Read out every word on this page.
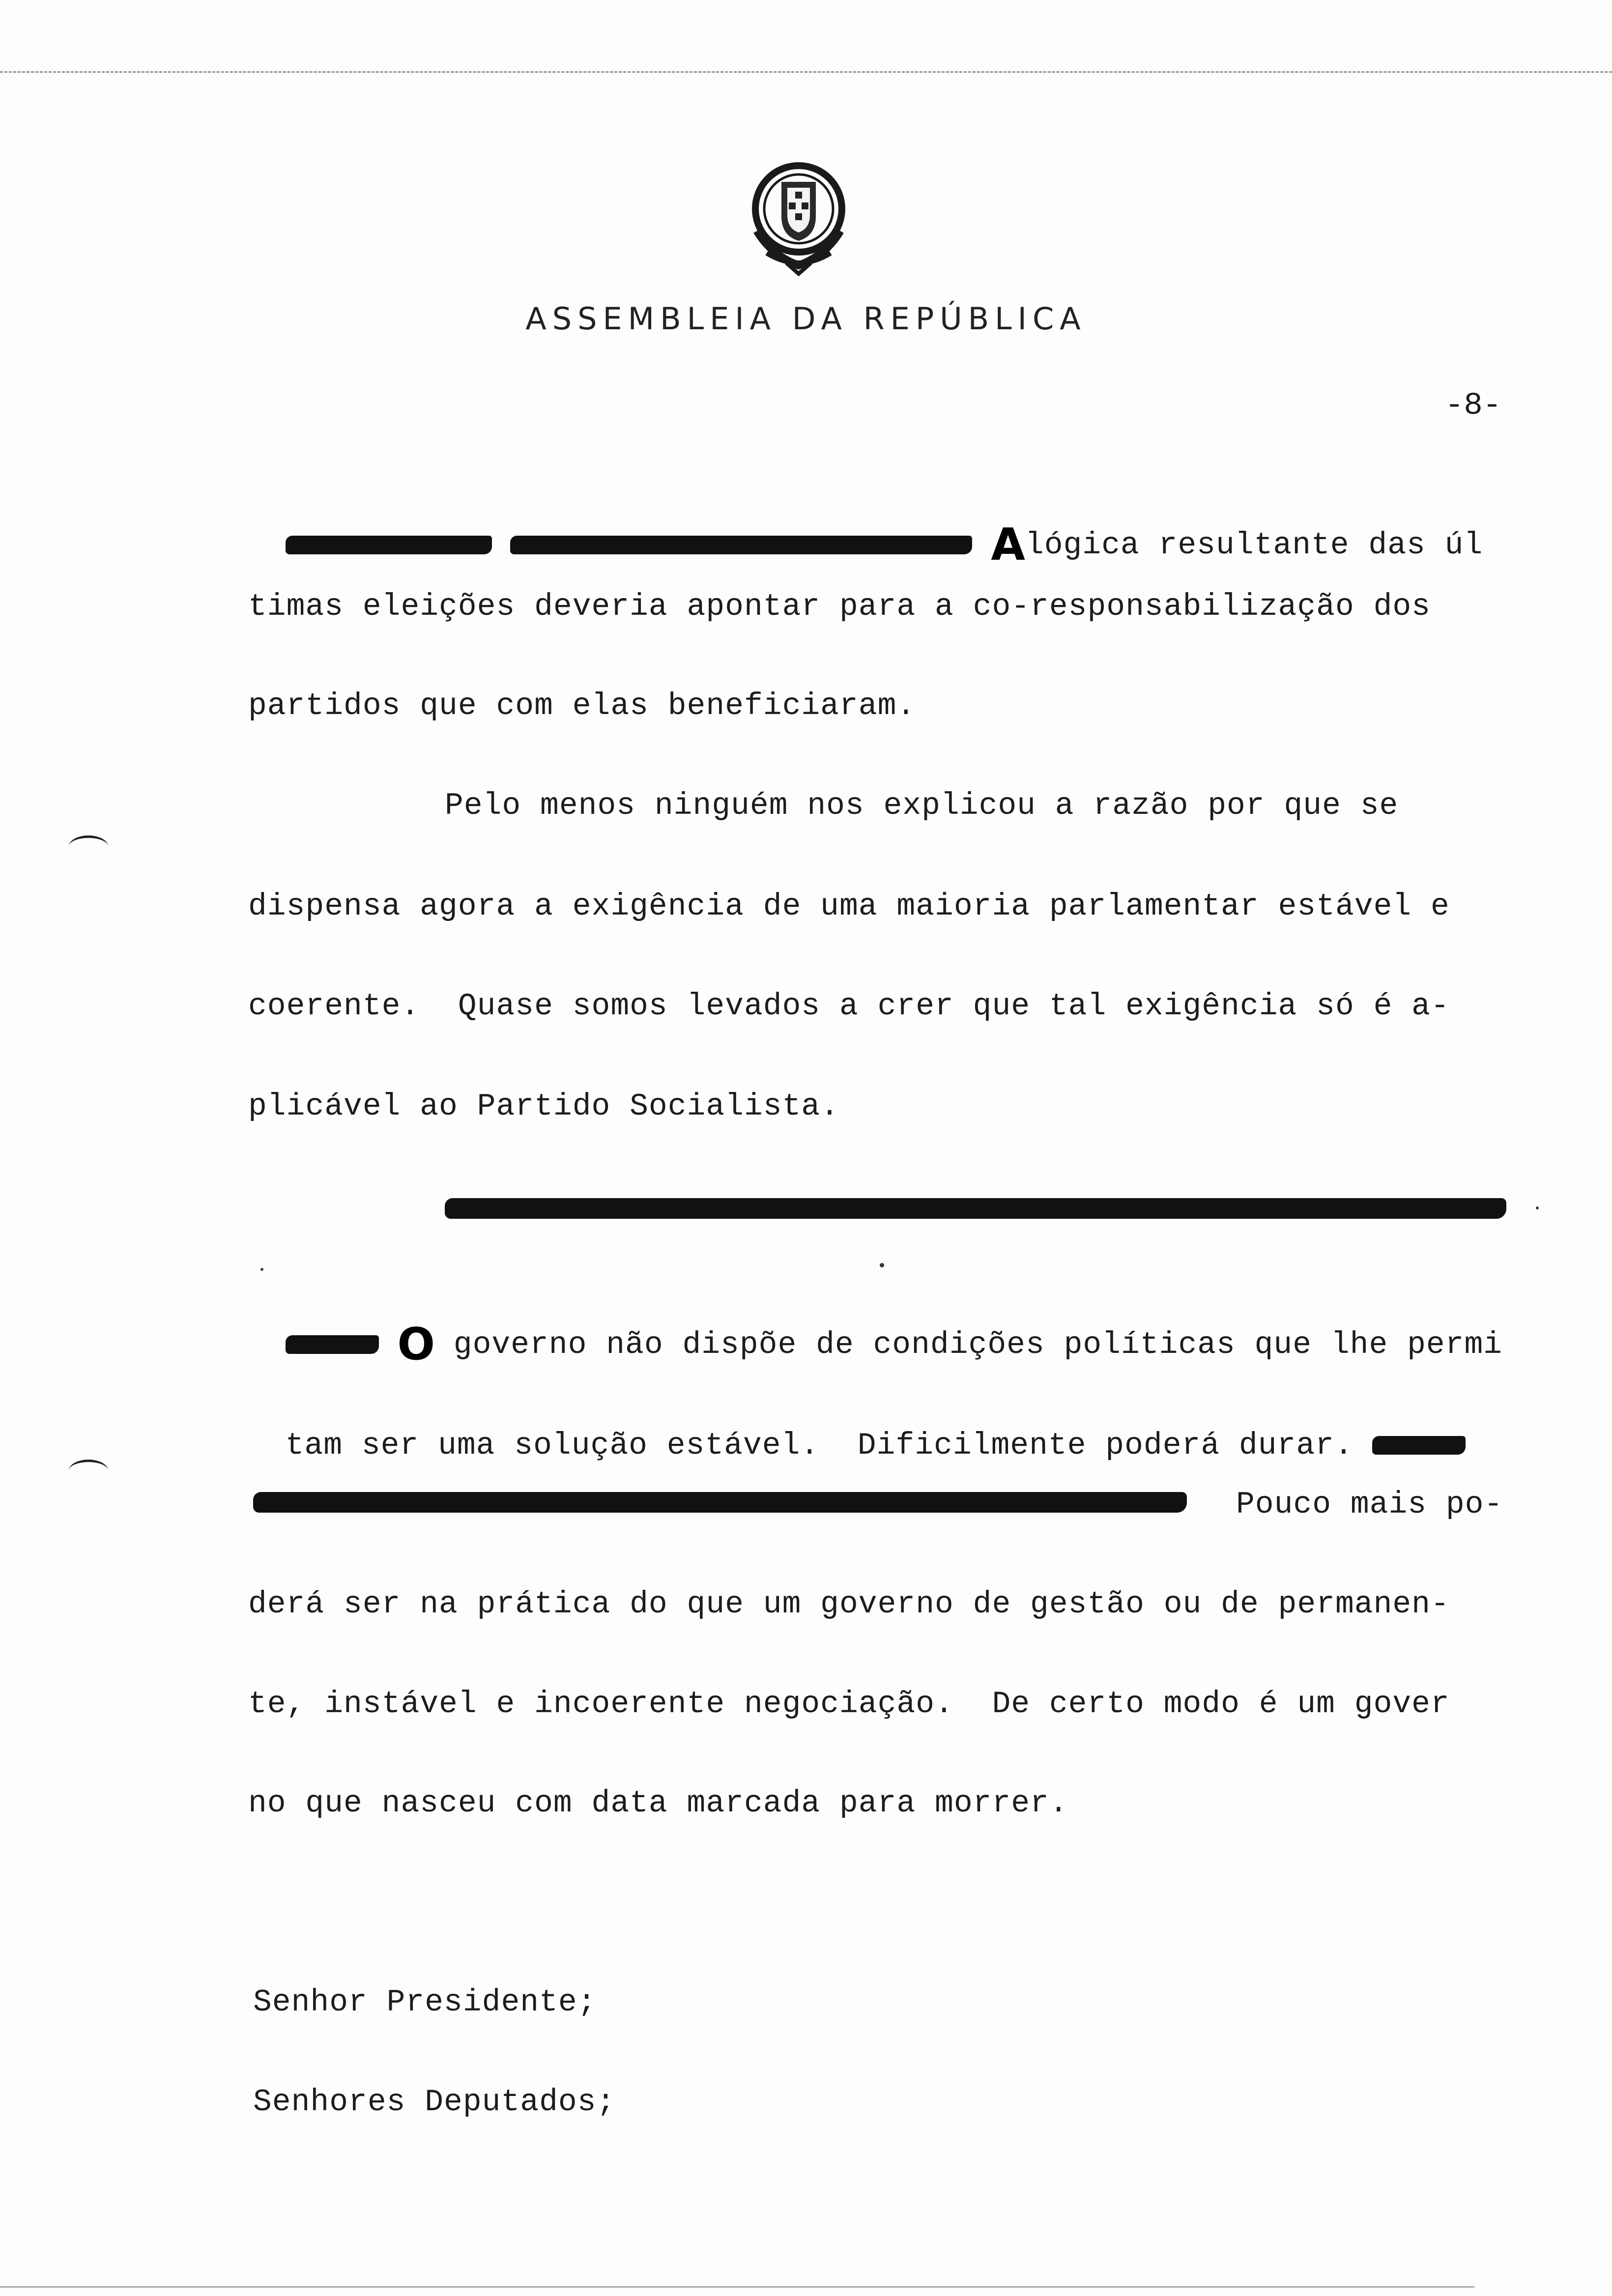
ASSEMBLEIA DA REPÚBLICA
-8-

Alógica resultante das úl

timas eleições deveria apontar para a co-responsabilização dos
partidos que com elas beneficiaram.
Pelo menos ninguém nos explicou a razão por que se
dispensa agora a exigência de uma maioria parlamentar estável e
coerente.  Quase somos levados a crer que tal exigência só é a-
plicável ao Partido Socialista.

O governo não dispõe de condições políticas que lhe permi

tam ser uma solução estável.  Dificilmente poderá durar.

Pouco mais po-
derá ser na prática do que um governo de gestão ou de permanen-
te, instável e incoerente negociação.  De certo modo é um gover
no que nasceu com data marcada para morrer.
Senhor Presidente;
Senhores Deputados;
